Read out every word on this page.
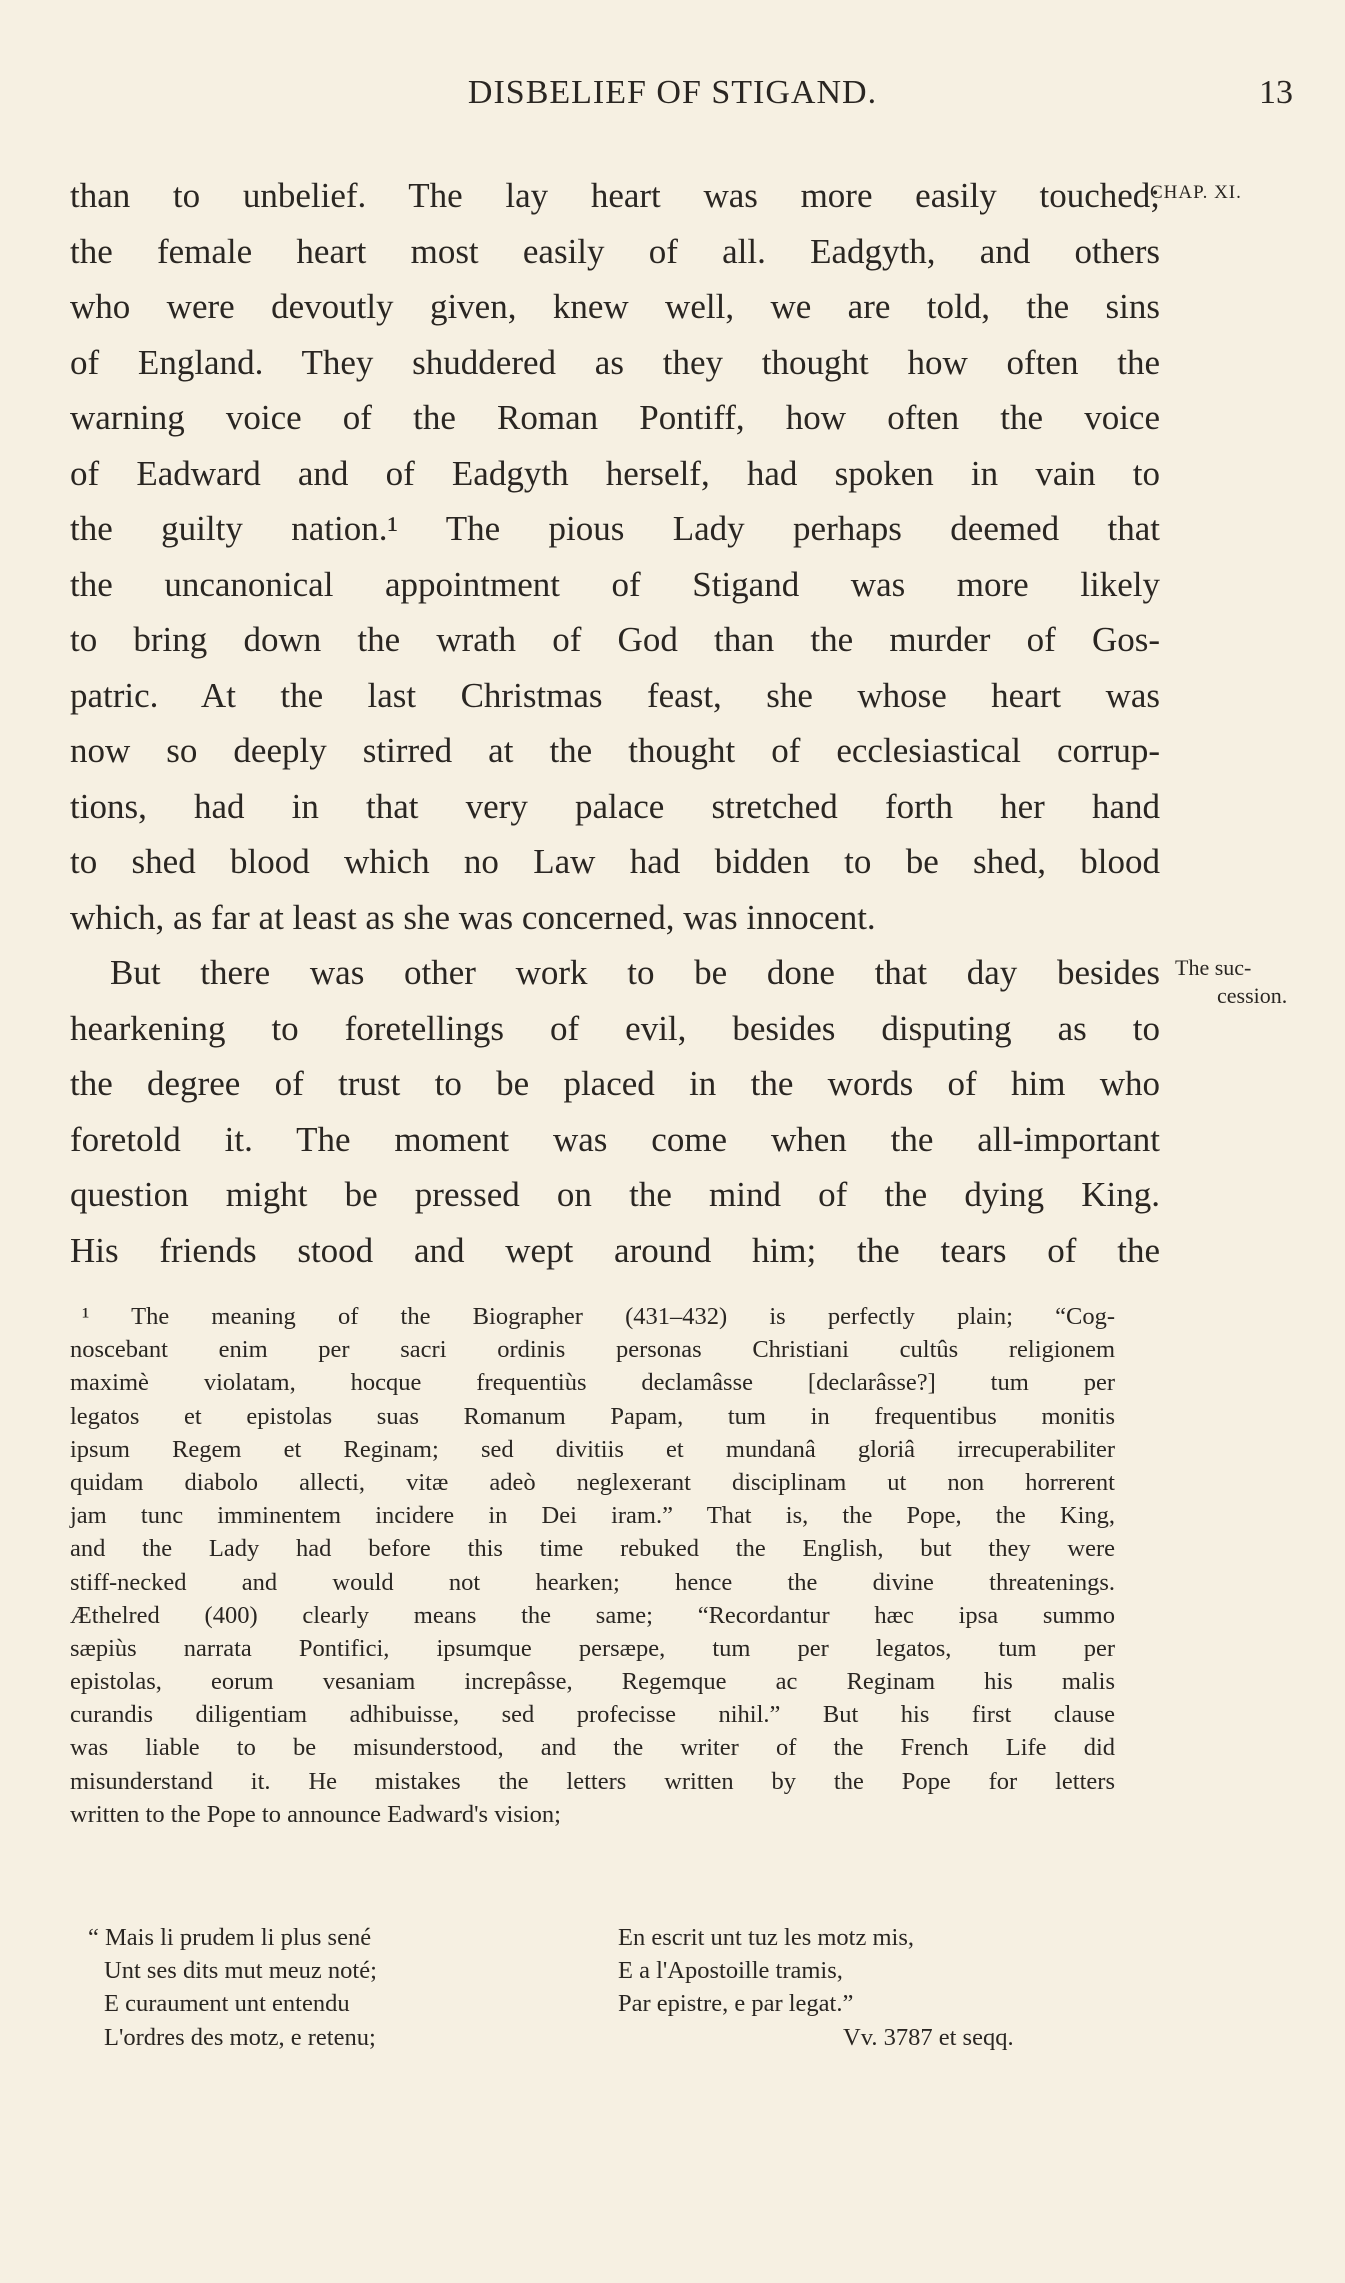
DISBELIEF OF STIGAND.	13
CHAP. XI.
The suc-
cession.
than to unbelief. The lay heart was more easily touched;
the female heart most easily of all. Eadgyth, and others
who were devoutly given, knew well, we are told, the sins
of England. They shuddered as they thought how often the
warning voice of the Roman Pontiff, how often the voice
of Eadward and of Eadgyth herself, had spoken in vain to
the guilty nation.¹ The pious Lady perhaps deemed that
the uncanonical appointment of Stigand was more likely
to bring down the wrath of God than the murder of Gos-
patric. At the last Christmas feast, she whose heart was
now so deeply stirred at the thought of ecclesiastical corrup-
tions, had in that very palace stretched forth her hand
to shed blood which no Law had bidden to be shed, blood
which, as far at least as she was concerned, was innocent.
But there was other work to be done that day besides
hearkening to foretellings of evil, besides disputing as to
the degree of trust to be placed in the words of him who
foretold it. The moment was come when the all-important
question might be pressed on the mind of the dying King.
His friends stood and wept around him; the tears of the
¹ The meaning of the Biographer (431–432) is perfectly plain; “Cog-
noscebant enim per sacri ordinis personas Christiani cultûs religionem
maximè violatam, hocque frequentiùs declamâsse [declarâsse?] tum per
legatos et epistolas suas Romanum Papam, tum in frequentibus monitis
ipsum Regem et Reginam; sed divitiis et mundanâ gloriâ irrecuperabiliter
quidam diabolo allecti, vitæ adeò neglexerant disciplinam ut non horrerent
jam tunc imminentem incidere in Dei iram.” That is, the Pope, the King,
and the Lady had before this time rebuked the English, but they were
stiff-necked and would not hearken; hence the divine threatenings.
Æthelred (400) clearly means the same; “Recordantur hæc ipsa summo
sæpiùs narrata Pontifici, ipsumque persæpe, tum per legatos, tum per
epistolas, eorum vesaniam increpâsse, Regemque ac Reginam his malis
curandis diligentiam adhibuisse, sed profecisse nihil.” But his first clause
was liable to be misunderstood, and the writer of the French Life did
misunderstand it. He mistakes the letters written by the Pope for letters
written to the Pope to announce Eadward's vision;
“ Mais li prudem li plus sené	En escrit unt tuz les motz mis,
Unt ses dits mut meuz noté;	E a l'Apostoille tramis,
E curaument unt entendu	Par epistre, e par legat.”
L'ordres des motz, e retenu;	Vv. 3787 et seqq.
